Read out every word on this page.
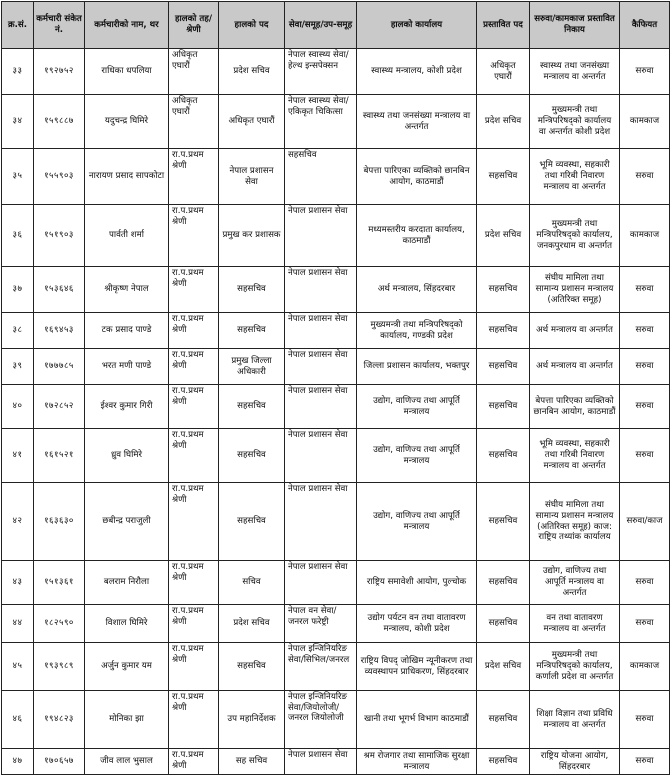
क्र.सं.	कर्मचारी संकेत नं.	कर्मचारीको नाम, थर	हालको तह/श्रेणी	हालको पद	सेवा/समूह/उप-समूह	हालको कार्यालय	प्रस्तावित पद	सरुवा/कामकाज प्रस्तावित निकाय	कैफियत
३३	१९२७५२	राधिका धपलिया	अधिकृत एघारौं	प्रदेश सचिव	नेपाल स्वास्थ्य सेवा/हेल्थ इन्सपेक्सन	स्वास्थ्य मन्त्रालय, कोशी प्रदेश	अधिकृत एघारौं	स्वास्थ्य तथा जनसंख्या मन्त्रालय वा अन्तर्गत	सरुवा
३४	१५९८८७	यदुचन्द्र घिमिरे	अधिकृत एघारौं	अधिकृत एघारौं	नेपाल स्वास्थ्य सेवा/एकिकृत चिकित्सा	स्वास्थ्य तथा जनसंख्या मन्त्रालय वा अन्तर्गत	प्रदेश सचिव	मुख्यमन्त्री तथा मन्त्रिपरिषद्को कार्यालय वा अन्तर्गत कोशी प्रदेश	कामकाज
३५	१५५९०३	नारायण प्रसाद सापकोटा	रा.प.प्रथम श्रेणी	नेपाल प्रशासन सेवा	सहसचिव	बेपत्ता पारिएका व्यक्तिको छानबिन आयोग, काठमाडौं	सहसचिव	भूमि व्यवस्था, सहकारी तथा गरिबी निवारण मन्त्रालय वा अन्तर्गत	सरुवा
३६	१५१९०३	पार्वती शर्मा	रा.प.प्रथम श्रेणी	प्रमुख कर प्रशासक	नेपाल प्रशासन सेवा	मध्यमस्तरीय करदाता कार्यालय, काठमाडौं	प्रदेश सचिव	मुख्यमन्त्री तथा मन्त्रिपरिषद्को कार्यालय, जनकपुरधाम वा अन्तर्गत	कामकाज
३७	१५३६४६	श्रीकृष्ण नेपाल	रा.प.प्रथम श्रेणी	सहसचिव	नेपाल प्रशासन सेवा	अर्थ मन्त्रालय, सिंहदरबार	सहसचिव	संघीय मामिला तथा सामान्य प्रशासन मन्त्रालय (अतिरिक्त समूह)	सरुवा
३८	१६९४५३	टक प्रसाद पाण्डे	रा.प.प्रथम श्रेणी	सहसचिव	नेपाल प्रशासन सेवा	मुख्यमन्त्री तथा मन्त्रिपरिषद्को कार्यालय, गण्डकी प्रदेश	सहसचिव	अर्थ मन्त्रालय वा अन्तर्गत	सरुवा
३९	१७७७८५	भरत मणी पाण्डे	रा.प.प्रथम श्रेणी	प्रमुख जिल्ला अधिकारी	नेपाल प्रशासन सेवा	जिल्ला प्रशासन कार्यालय, भक्तपुर	सहसचिव	अर्थ मन्त्रालय वा अन्तर्गत	सरुवा
४०	१७२८५२	ईश्वर कुमार गिरी	रा.प.प्रथम श्रेणी	सहसचिव	नेपाल प्रशासन सेवा	उद्योग, वाणिज्य तथा आपूर्ति मन्त्रालय	सहसचिव	बेपत्ता पारिएका व्यक्तिको छानबिन आयोग, काठमाडौं	सरुवा
४१	१६१५२१	ध्रुव घिमिरे	रा.प.प्रथम श्रेणी	सहसचिव	नेपाल प्रशासन सेवा	उद्योग, वाणिज्य तथा आपूर्ति मन्त्रालय	सहसचिव	भूमि व्यवस्था, सहकारी तथा गरिबी निवारण मन्त्रालय वा अन्तर्गत	सरुवा
४२	१६३६३०	छबीन्द्र पराजुली	रा.प.प्रथम श्रेणी	सहसचिव	नेपाल प्रशासन सेवा	उद्योग, वाणिज्य तथा आपूर्ति मन्त्रालय	सहसचिव	संघीय मामिला तथा सामान्य प्रशासन मन्त्रालय (अतिरिक्त समूह) काज: राष्ट्रिय तथ्यांक कार्यालय	सरुवा/काज
४३	१५१३६१	बलराम निरौला	रा.प.प्रथम श्रेणी	सचिव	नेपाल प्रशासन सेवा	राष्ट्रिय समावेशी आयोग, पुल्चोक	सहसचिव	उद्योग, वाणिज्य तथा आपूर्ति मन्त्रालय वा अन्तर्गत	सरुवा
४४	१८२५९०	विशाल घिमिरे	रा.प.प्रथम श्रेणी	प्रदेश सचिव	नेपाल वन सेवा/जनरल फरेष्ट्री	उद्योग पर्यटन वन तथा वातावरण मन्त्रालय, कोशी प्रदेश	सहसचिव	वन तथा वातावरण मन्त्रालय वा अन्तर्गत	सरुवा
४५	१९३९८९	अर्जुन कुमार यम	रा.प.प्रथम श्रेणी	सहसचिव	नेपाल इन्जिनियरिङ सेवा/सिभिल/जनरल	राष्ट्रिय विपद् जोखिम न्यूनीकरण तथा व्यवस्थापन प्राधिकरण, सिंहदरबार	प्रदेश सचिव	मुख्यमन्त्री तथा मन्त्रिपरिषद्को कार्यालय, कर्णाली प्रदेश वा अन्तर्गत	कामकाज
४६	१९४८२३	मोनिका झा	रा.प.प्रथम श्रेणी	उप महानिर्देशक	नेपाल इन्जिनियरिङ सेवा/जियोलोजी/जनरल जियोलोजी	खानी तथा भूगर्भ विभाग काठमाडौं	सहसचिव	शिक्षा विज्ञान तथा प्रविधि मन्त्रालय वा अन्तर्गत	सरुवा
४७	१७०६५७	जीव लाल भुसाल	रा.प.प्रथम श्रेणी	सह सचिव	नेपाल प्रशासन सेवा	श्रम रोजगार तथा सामाजिक सुरक्षा मन्त्रालय	सहसचिव	राष्ट्रिय योजना आयोग, सिंहदरबार	सरुवा
